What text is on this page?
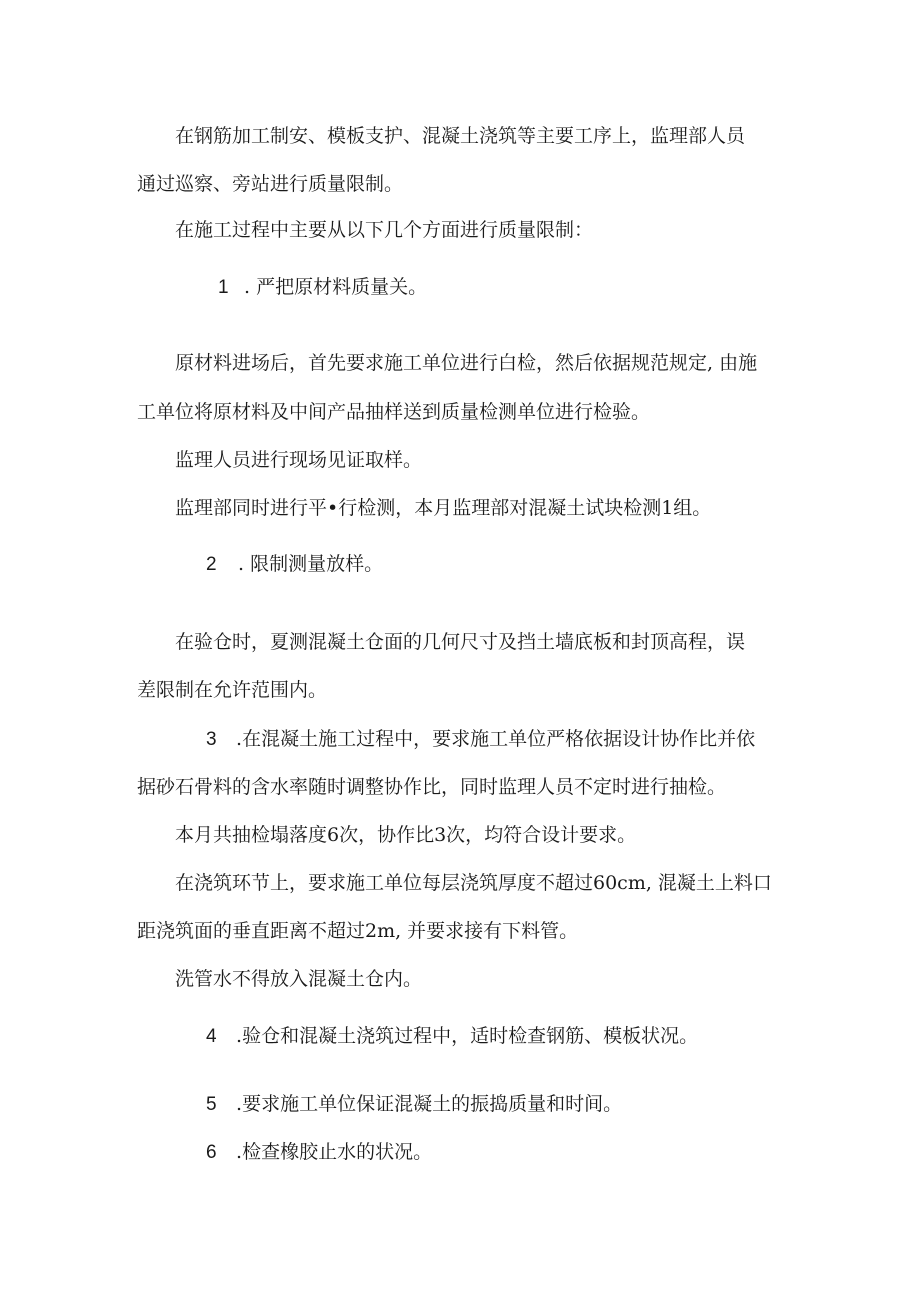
在钢筋加工制安、模板支护、混凝土浇筑等主要工序上，监理部人员
通过巡察、旁站进行质量限制。
在施工过程中主要从以下几个方面进行质量限制：
1 . 严把原材料质量关。
原材料进场后，首先要求施工单位进行白检，然后依据规范规定, 由施
工单位将原材料及中间产品抽样送到质量检测单位进行检验。
监理人员进行现场见证取样。
监理部同时进行平•行检测，本月监理部对混凝土试块检测1组。
2 . 限制测量放样。
在验仓时，夏测混凝土仓面的几何尺寸及挡土墙底板和封顶高程，误
差限制在允许范围内。
3 .在混凝土施工过程中，要求施工单位严格依据设计协作比并依
据砂石骨料的含水率随时调整协作比，同时监理人员不定时进行抽检。
本月共抽检塌落度6次，协作比3次，均符合设计要求。
在浇筑环节上，要求施工单位每层浇筑厚度不超过60cm, 混凝土上料口
距浇筑面的垂直距离不超过2m, 并要求接有下料管。
洗管水不得放入混凝土仓内。
4 .验仓和混凝土浇筑过程中，适时检查钢筋、模板状况。
5 .要求施工单位保证混凝土的振捣质量和时间。
6 .检查橡胶止水的状况。
